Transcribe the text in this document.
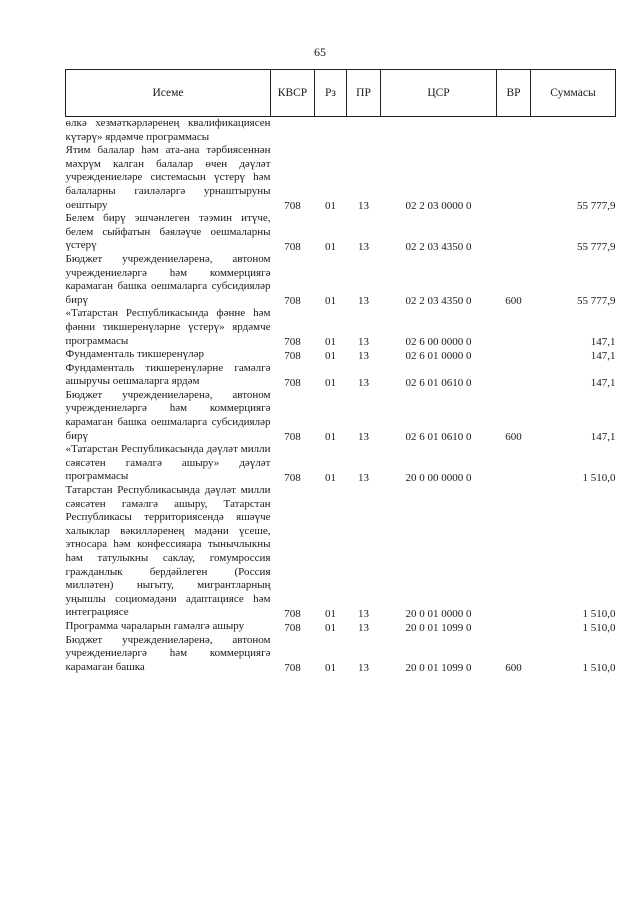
65
Исеме	КВСР	Рз	ПР	ЦСР	ВР	Суммасы
өлкә хезмәткәрләренең квалификациясен күтәрү» ярдәмче программасы						
Ятим балалар һәм ата-ана тәрбиясеннән мәхрүм калган балалар өчен дәүләт учреждениеләре системасын үстерү һәм балаларны гаиләләргә урнаштыруны оештыру	708	01	13	02 2 03 0000 0		55 777,9
Белем бирү эшчәнлеген тәэмин итүче, белем сыйфатын бәяләүче оешмаларны үстерү	708	01	13	02 2 03 4350 0		55 777,9
Бюджет учреждениеләренә, автоном учреждениеләргә һәм коммерциягә карамаган башка оешмаларга субсидияләр бирү	708	01	13	02 2 03 4350 0	600	55 777,9
«Татарстан Республикасында фәнне һәм фәнни тикшеренүләрне үстерү» ярдәмче программасы	708	01	13	02 6 00 0000 0		147,1
Фундаменталь тикшеренүләр	708	01	13	02 6 01 0000 0		147,1
Фундаменталь тикшеренүләрне гамәлгә ашыручы оешмаларга ярдәм	708	01	13	02 6 01 0610 0		147,1
Бюджет учреждениеләренә, автоном учреждениеләргә һәм коммерциягә карамаган башка оешмаларга субсидияләр бирү	708	01	13	02 6 01 0610 0	600	147,1
«Татарстан Республикасында дәүләт милли сәясәтен гамәлгә ашыру» дәүләт программасы	708	01	13	20 0 00 0000 0		1 510,0
Татарстан Республикасында дәүләт милли сәясәтен гамәлгә ашыру, Татарстан Республикасы территориясендә яшәүче халыклар вәкилләренең мәдәни үсеше, этносара һәм конфессияара тынычлыкны һәм татулыкны саклау, гомумроссия гражданлык бердәйлеген (Россия милләтен) ныгыту, мигрантларның уңышлы социомәдәни адаптациясе һәм интеграциясе	708	01	13	20 0 01 0000 0		1 510,0
Программа чараларын гамәлгә ашыру	708	01	13	20 0 01 1099 0		1 510,0
Бюджет учреждениеләренә, автоном учреждениеләргә һәм коммерциягә карамаган башка	708	01	13	20 0 01 1099 0	600	1 510,0
